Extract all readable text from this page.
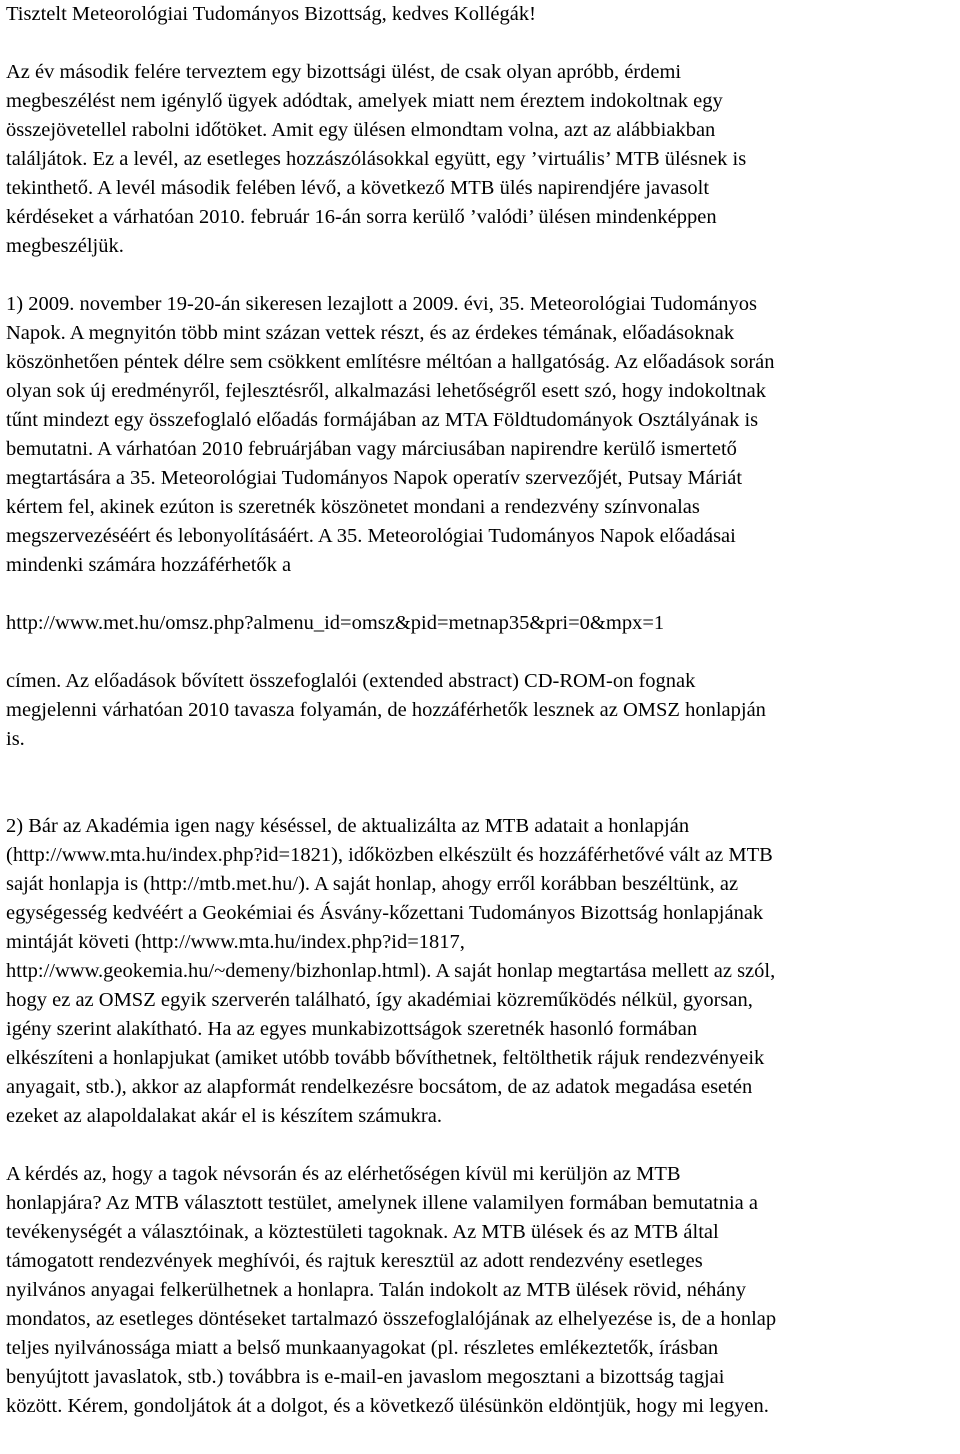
Tisztelt Meteorológiai Tudományos Bizottság, kedves Kollégák!
Az év második felére terveztem egy bizottsági ülést, de csak olyan apróbb, érdemi
megbeszélést nem igénylő ügyek adódtak, amelyek miatt nem éreztem indokoltnak egy
összejövetellel rabolni időtöket. Amit egy ülésen elmondtam volna, azt az alábbiakban
találjátok. Ez a levél, az esetleges hozzászólásokkal együtt, egy ’virtuális’ MTB ülésnek is
tekinthető. A levél második felében lévő, a következő MTB ülés napirendjére javasolt
kérdéseket a várhatóan 2010. február 16-án sorra kerülő ’valódi’ ülésen mindenképpen
megbeszéljük.
1) 2009. november 19-20-án sikeresen lezajlott a 2009. évi, 35. Meteorológiai Tudományos
Napok. A megnyitón több mint százan vettek részt, és az érdekes témának, előadásoknak
köszönhetően péntek délre sem csökkent említésre méltóan a hallgatóság. Az előadások során
olyan sok új eredményről, fejlesztésről, alkalmazási lehetőségről esett szó, hogy indokoltnak
tűnt mindezt egy összefoglaló előadás formájában az MTA Földtudományok Osztályának is
bemutatni. A várhatóan 2010 februárjában vagy márciusában napirendre kerülő ismertető
megtartására a 35. Meteorológiai Tudományos Napok operatív szervezőjét, Putsay Máriát
kértem fel, akinek ezúton is szeretnék köszönetet mondani a rendezvény színvonalas
megszervezéséért és lebonyolításáért. A 35. Meteorológiai Tudományos Napok előadásai
mindenki számára hozzáférhetők a
http://www.met.hu/omsz.php?almenu_id=omsz&pid=metnap35&pri=0&mpx=1
címen. Az előadások bővített összefoglalói (extended abstract) CD-ROM-on fognak
megjelenni várhatóan 2010 tavasza folyamán, de hozzáférhetők lesznek az OMSZ honlapján
is.
2) Bár az Akadémia igen nagy késéssel, de aktualizálta az MTB adatait a honlapján
(http://www.mta.hu/index.php?id=1821), időközben elkészült és hozzáférhetővé vált az MTB
saját honlapja is (http://mtb.met.hu/). A saját honlap, ahogy erről korábban beszéltünk, az
egységesség kedvéért a Geokémiai és Ásvány-kőzettani Tudományos Bizottság honlapjának
mintáját követi (http://www.mta.hu/index.php?id=1817,
http://www.geokemia.hu/~demeny/bizhonlap.html). A saját honlap megtartása mellett az szól,
hogy ez az OMSZ egyik szerverén található, így akadémiai közreműködés nélkül, gyorsan,
igény szerint alakítható. Ha az egyes munkabizottságok szeretnék hasonló formában
elkészíteni a honlapjukat (amiket utóbb tovább bővíthetnek, feltölthetik rájuk rendezvényeik
anyagait, stb.), akkor az alapformát rendelkezésre bocsátom, de az adatok megadása esetén
ezeket az alapoldalakat akár el is készítem számukra.
A kérdés az, hogy a tagok névsorán és az elérhetőségen kívül mi kerüljön az MTB
honlapjára? Az MTB választott testület, amelynek illene valamilyen formában bemutatnia a
tevékenységét a választóinak, a köztestületi tagoknak. Az MTB ülések és az MTB által
támogatott rendezvények meghívói, és rajtuk keresztül az adott rendezvény esetleges
nyilvános anyagai felkerülhetnek a honlapra. Talán indokolt az MTB ülések rövid, néhány
mondatos, az esetleges döntéseket tartalmazó összefoglalójának az elhelyezése is, de a honlap
teljes nyilvánossága miatt a belső munkaanyagokat (pl. részletes emlékeztetők, írásban
benyújtott javaslatok, stb.) továbbra is e-mail-en javaslom megosztani a bizottság tagjai
között. Kérem, gondoljátok át a dolgot, és a következő ülésünkön eldöntjük, hogy mi legyen.
